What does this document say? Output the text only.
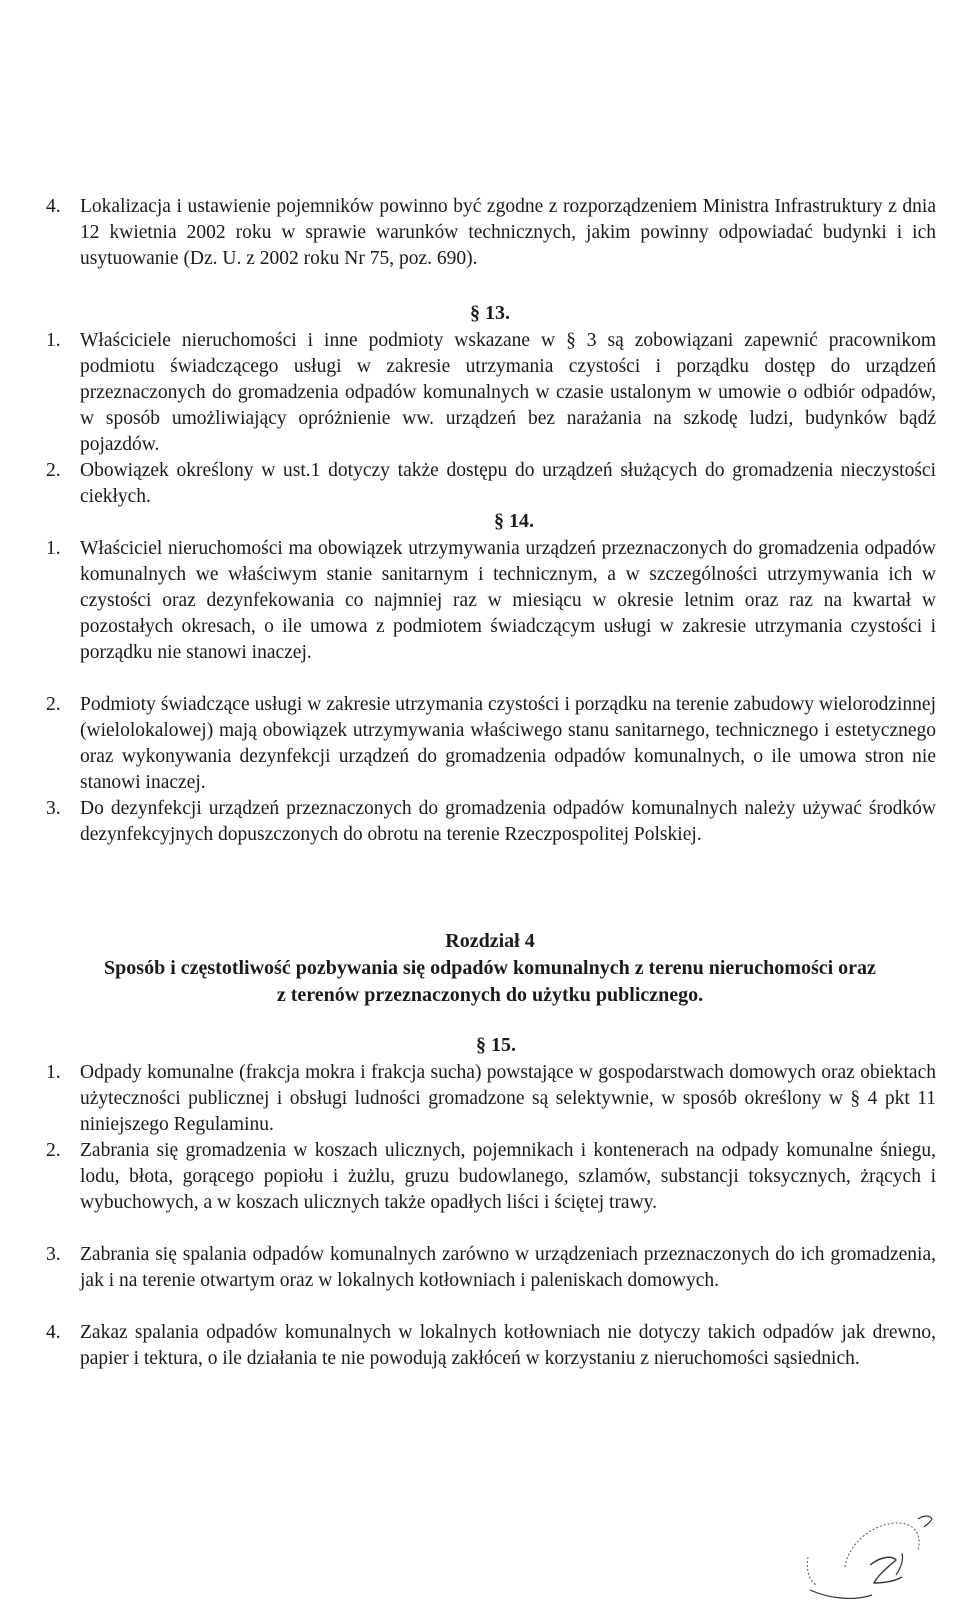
4. Lokalizacja i ustawienie pojemników powinno być zgodne z rozporządzeniem Ministra Infrastruktury z dnia 12 kwietnia 2002 roku w sprawie warunków technicznych, jakim powinny odpowiadać budynki i ich usytuowanie (Dz. U. z 2002 roku Nr 75, poz. 690).
§ 13.
1. Właściciele nieruchomości i inne podmioty wskazane w § 3 są zobowiązani zapewnić pracownikom podmiotu świadczącego usługi w zakresie utrzymania czystości i porządku dostęp do urządzeń przeznaczonych do gromadzenia odpadów komunalnych w czasie ustalonym w umowie o odbiór odpadów, w sposób umożliwiający opróżnienie ww. urządzeń bez narażania na szkodę ludzi, budynków bądź pojazdów.
2. Obowiązek określony w ust.1 dotyczy także dostępu do urządzeń służących do gromadzenia nieczystości ciekłych.
§ 14.
1. Właściciel nieruchomości ma obowiązek utrzymywania urządzeń przeznaczonych do gromadzenia odpadów komunalnych we właściwym stanie sanitarnym i technicznym, a w szczególności utrzymywania ich w czystości oraz dezynfekowania co najmniej raz w miesiącu w okresie letnim oraz raz na kwartał w pozostałych okresach, o ile umowa z podmiotem świadczącym usługi w zakresie utrzymania czystości i porządku nie stanowi inaczej.
2. Podmioty świadczące usługi w zakresie utrzymania czystości i porządku na terenie zabudowy wielorodzinnej (wielolokalowej) mają obowiązek utrzymywania właściwego stanu sanitarnego, technicznego i estetycznego oraz wykonywania dezynfekcji urządzeń do gromadzenia odpadów komunalnych, o ile umowa stron nie stanowi inaczej.
3. Do dezynfekcji urządzeń przeznaczonych do gromadzenia odpadów komunalnych należy używać środków dezynfekcyjnych dopuszczonych do obrotu na terenie Rzeczpospolitej Polskiej.
Rozdział 4
Sposób i częstotliwość pozbywania się odpadów komunalnych z terenu nieruchomości oraz
z terenów przeznaczonych do użytku publicznego.
§ 15.
1. Odpady komunalne (frakcja mokra i frakcja sucha) powstające w gospodarstwach domowych oraz obiektach użyteczności publicznej i obsługi ludności gromadzone są selektywnie, w sposób określony w § 4 pkt 11 niniejszego Regulaminu.
2. Zabrania się gromadzenia w koszach ulicznych, pojemnikach i kontenerach na odpady komunalne śniegu, lodu, błota, gorącego popiołu i żużlu, gruzu budowlanego, szlamów, substancji toksycznych, żrących i wybuchowych, a w koszach ulicznych także opadłych liści i ściętej trawy.
3. Zabrania się spalania odpadów komunalnych zarówno w urządzeniach przeznaczonych do ich gromadzenia, jak i na terenie otwartym oraz w lokalnych kotłowniach i paleniskach domowych.
4. Zakaz spalania odpadów komunalnych w lokalnych kotłowniach nie dotyczy takich odpadów jak drewno, papier i tektura, o ile działania te nie powodują zakłóceń w korzystaniu z nieruchomości sąsiednich.
